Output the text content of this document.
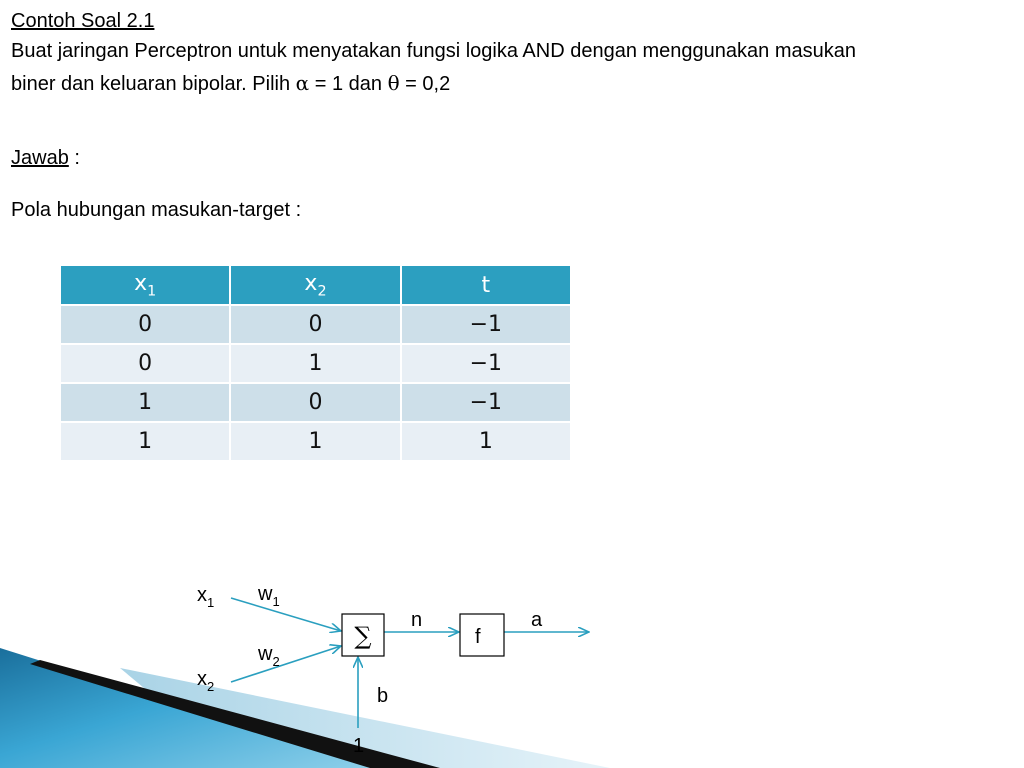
Contoh Soal 2.1
Buat jaringan Perceptron untuk menyatakan fungsi logika AND dengan menggunakan masukan
biner dan keluaran bipolar. Pilih α = 1 dan θ = 0,2
Jawab :
Pola hubungan masukan-target :
$x_1$	$x_2$	t
0	0	−1
0	1	−1
1	0	−1
1	1	1
∑	f
$x_1$ $w_1$
$w_2$
$x_2$
n	a
b
1
